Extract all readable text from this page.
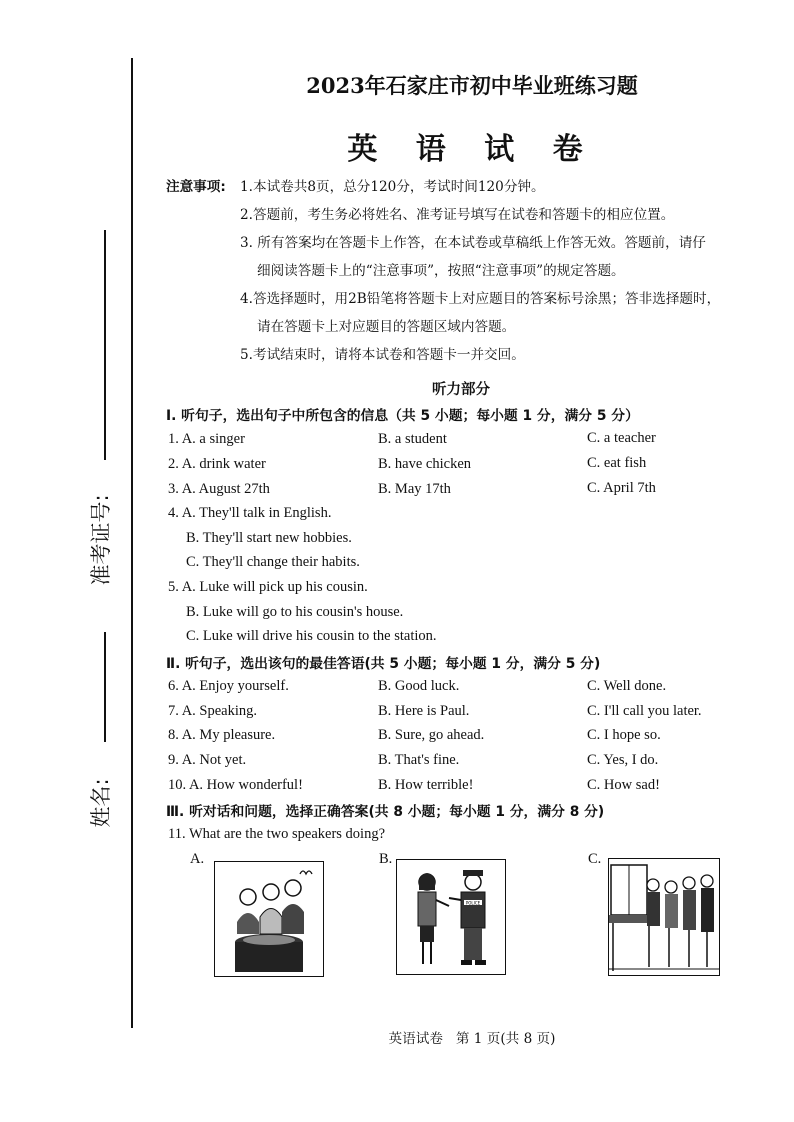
准考证号:
姓名:
2023年石家庄市初中毕业班练习题
英 语 试 卷
注意事项: 1.本试卷共8页，总分120分，考试时间120分钟。
2.答题前，考生务必将姓名、准考证号填写在试卷和答题卡的相应位置。
3. 所有答案均在答题卡上作答，在本试卷或草稿纸上作答无效。答题前，请仔
细阅读答题卡上的“注意事项”，按照“注意事项”的规定答题。
4.答选择题时，用2B铅笔将答题卡上对应题目的答案标号涂黑；答非选择题时，
请在答题卡上对应题目的答题区域内答题。
5.考试结束时，请将本试卷和答题卡一并交回。
听力部分
Ⅰ. 听句子，选出句子中所包含的信息（共 5 小题；每小题 1 分，满分 5 分）
1. A. a singer	B. a student	C. a teacher
2. A. drink water	B. have chicken	C. eat fish
3. A. August 27th	B. May 17th	C. April 7th
4. A. They'll talk in English.
B. They'll start new hobbies.
C. They'll change their habits.
5. A. Luke will pick up his cousin.
B. Luke will go to his cousin's house.
C. Luke will drive his cousin to the station.
Ⅱ. 听句子，选出该句的最佳答语(共 5 小题；每小题 1 分，满分 5 分)
6. A. Enjoy yourself.	B. Good luck.	C. Well done.
7. A. Speaking.	B. Here is Paul.	C. I'll call you later.
8. A. My pleasure.	B. Sure, go ahead.	C. I hope so.
9. A. Not yet.	B. That's fine.	C. Yes, I do.
10. A. How wonderful!	B. How terrible!	C. How sad!
Ⅲ. 听对话和问题，选择正确答案(共 8 小题；每小题 1 分，满分 8 分)
11. What are the two speakers doing?
A.	B.	C.
POLICE
英语试卷   第 1 页(共 8 页)
